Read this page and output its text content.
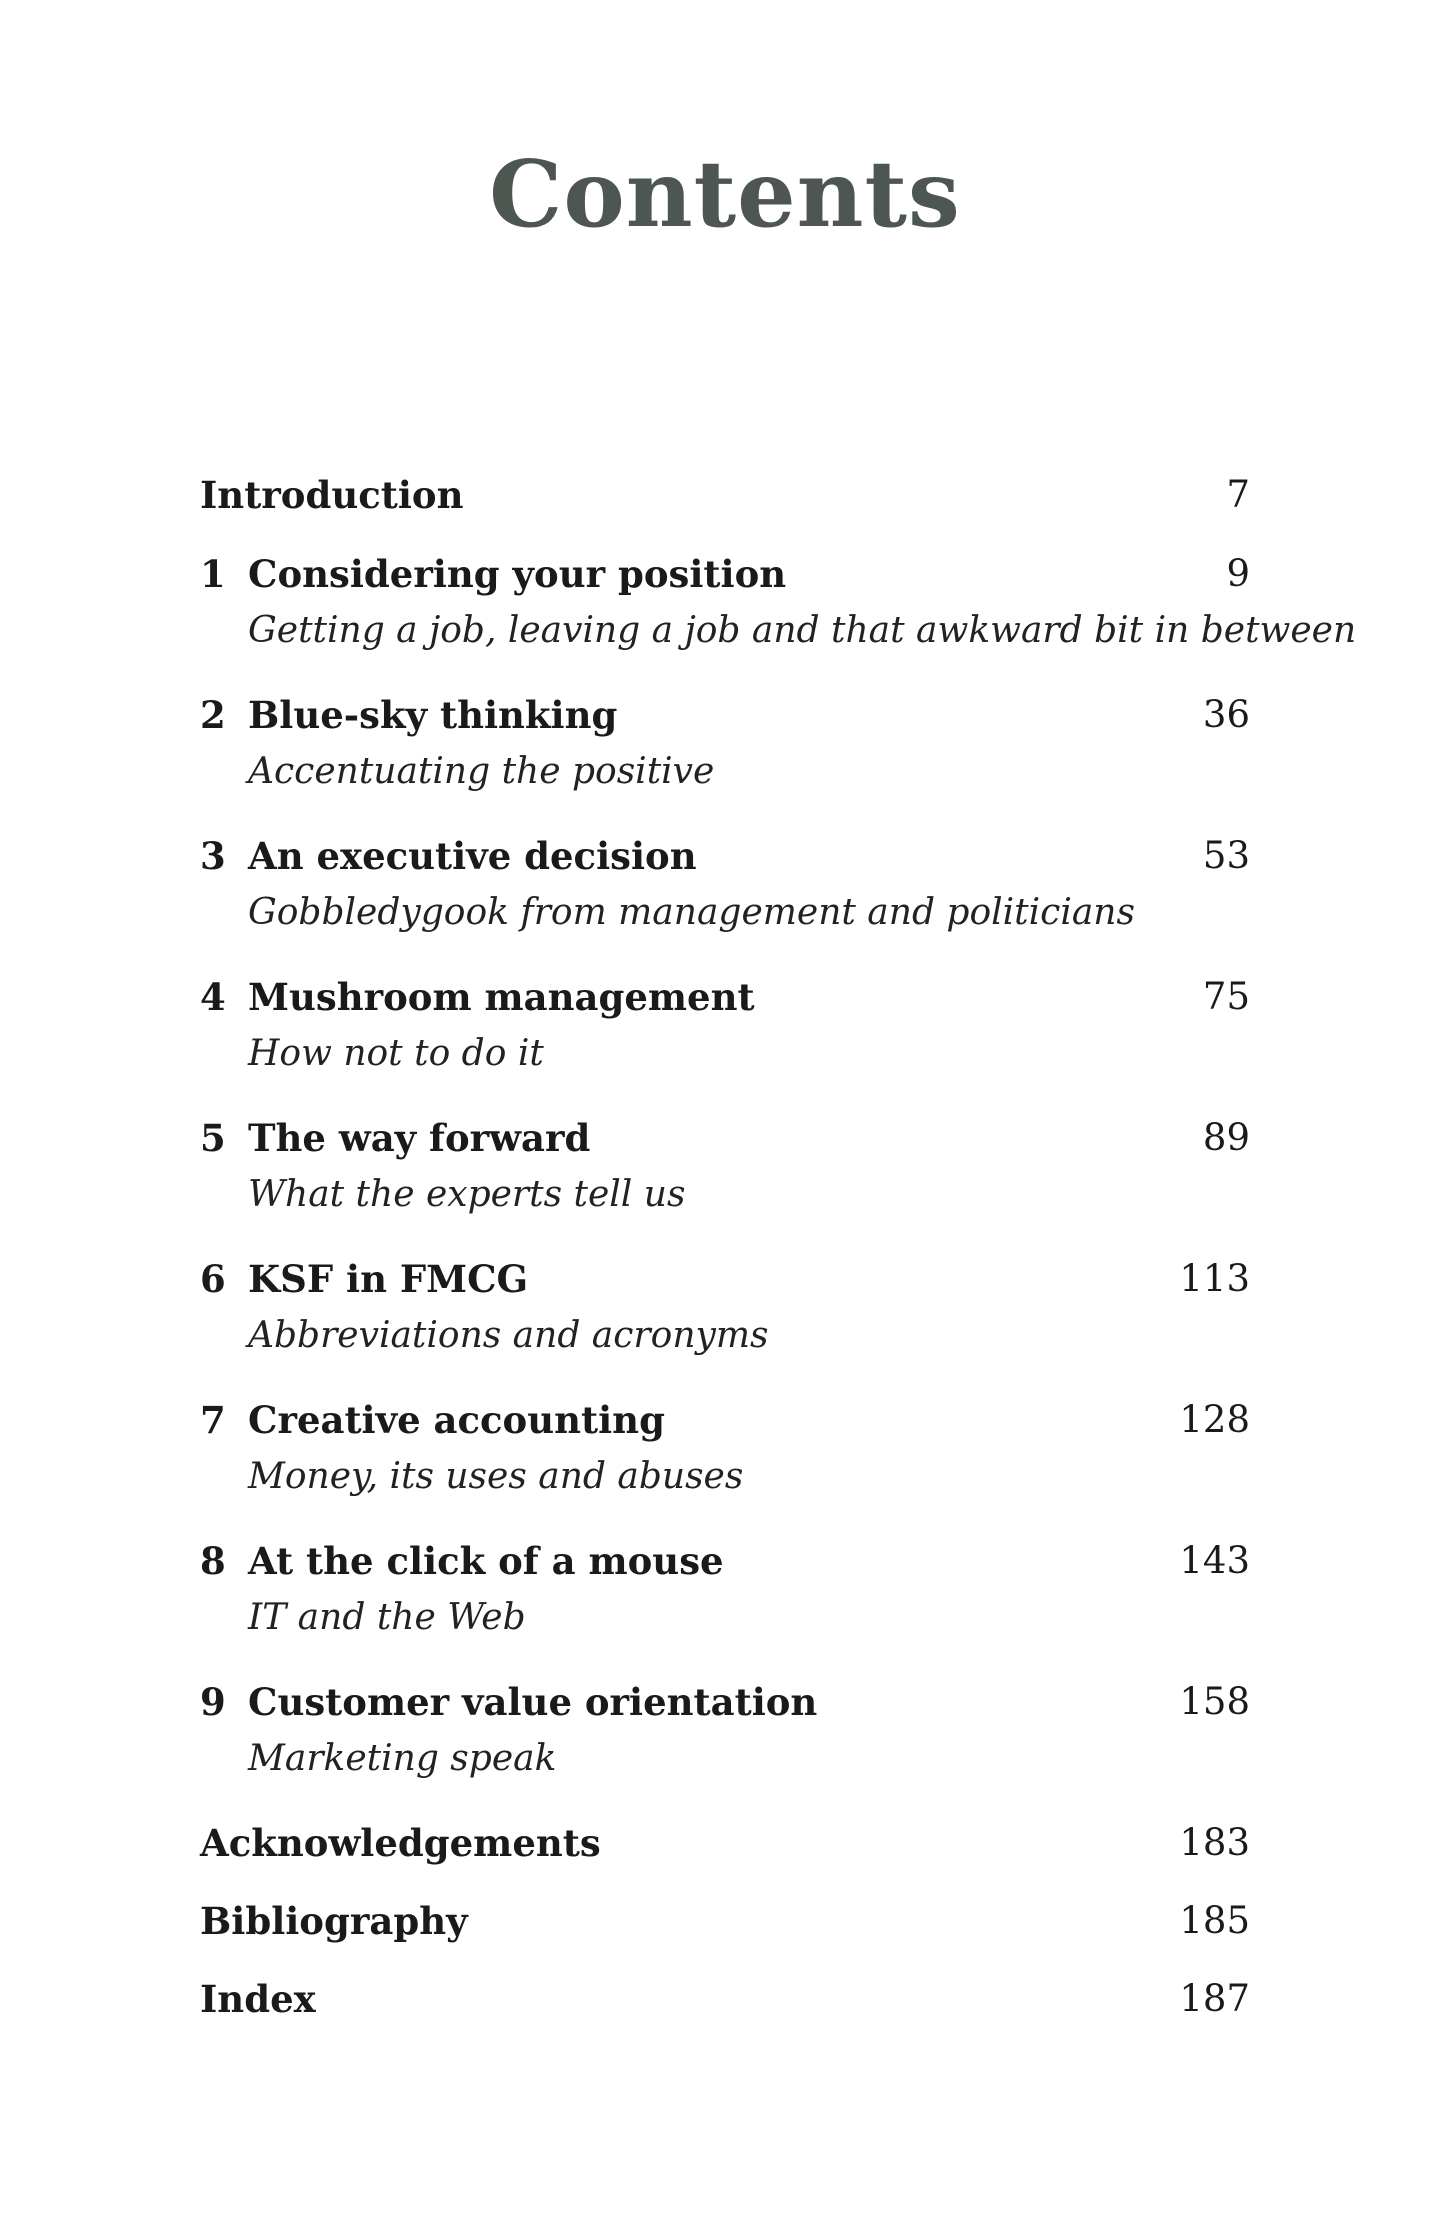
Contents
Introduction	7
1 Considering your position	9
Getting a job, leaving a job and that awkward bit in between
2 Blue-sky thinking	36
Accentuating the positive
3 An executive decision	53
Gobbledygook from management and politicians
4 Mushroom management	75
How not to do it
5 The way forward	89
What the experts tell us
6 KSF in FMCG	113
Abbreviations and acronyms
7 Creative accounting	128
Money, its uses and abuses
8 At the click of a mouse	143
IT and the Web
9 Customer value orientation	158
Marketing speak
Acknowledgements	183
Bibliography	185
Index	187
